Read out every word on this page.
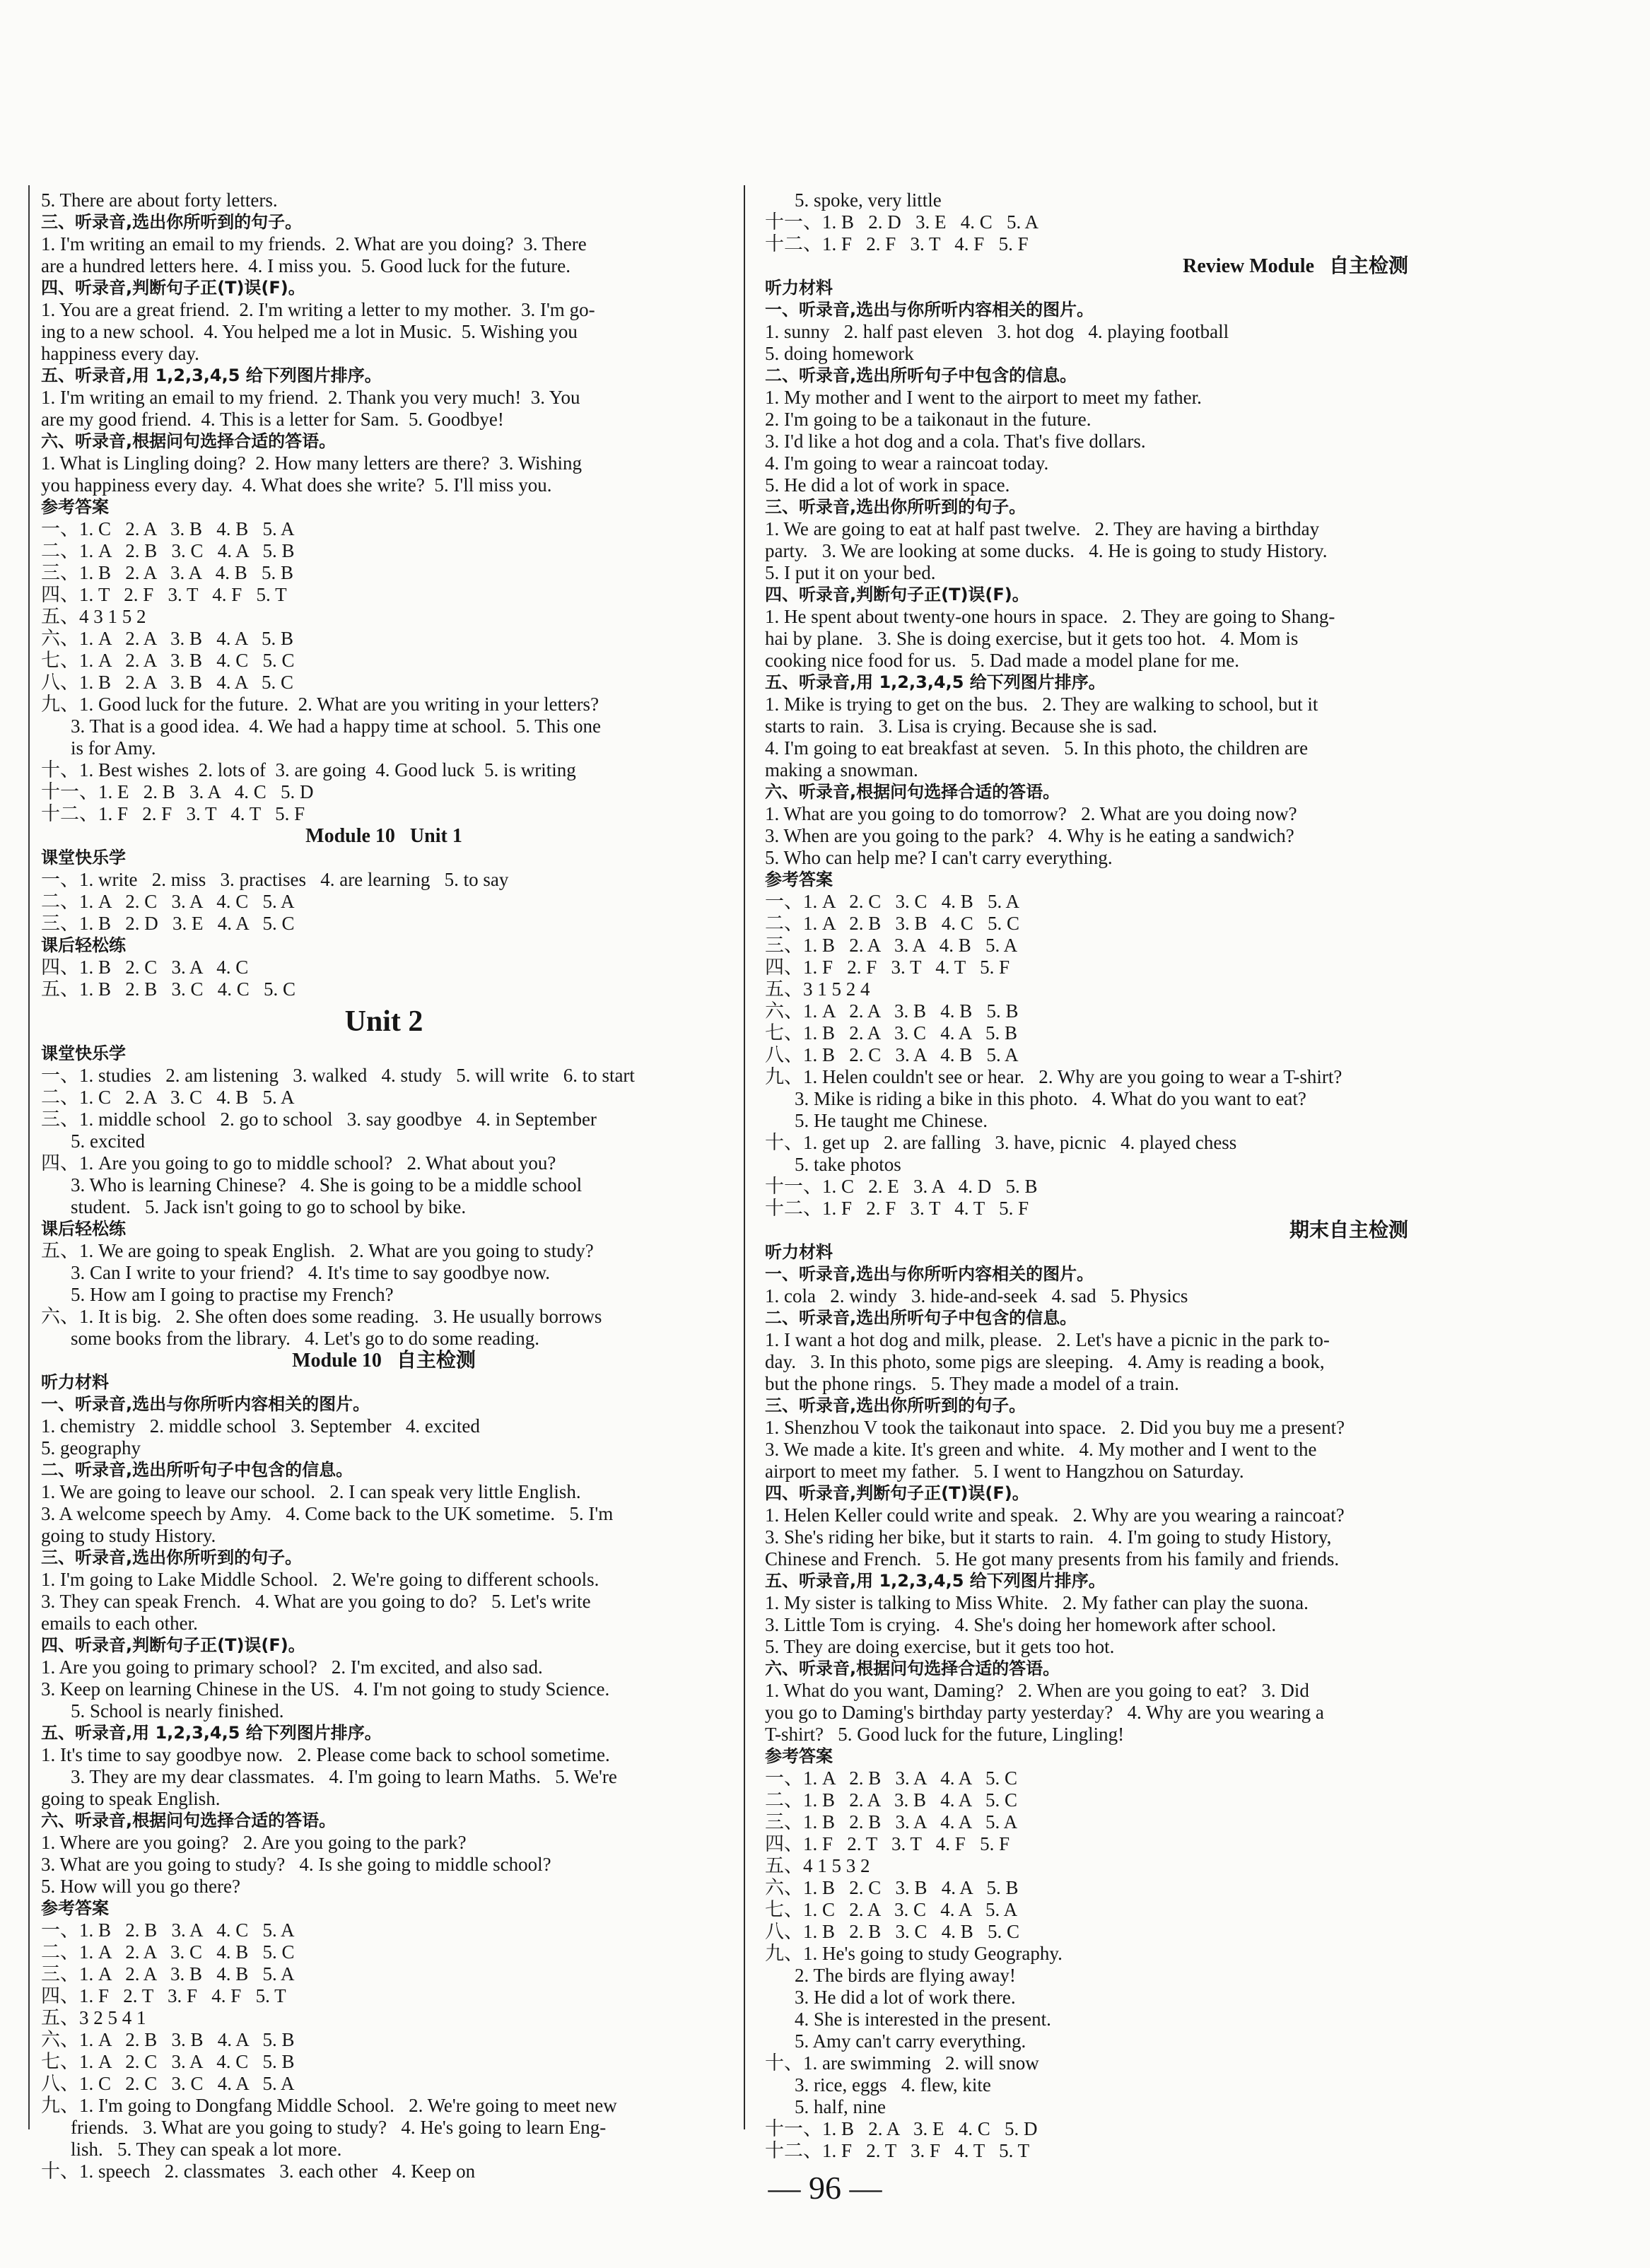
5. There are about forty letters.
三、听录音,选出你所听到的句子。
1. I'm writing an email to my friends.  2. What are you doing?  3. There
are a hundred letters here.  4. I miss you.  5. Good luck for the future.
四、听录音,判断句子正(T)误(F)。
1. You are a great friend.  2. I'm writing a letter to my mother.  3. I'm go-
ing to a new school.  4. You helped me a lot in Music.  5. Wishing you
happiness every day.
五、听录音,用 1,2,3,4,5 给下列图片排序。
1. I'm writing an email to my friend.  2. Thank you very much!  3. You
are my good friend.  4. This is a letter for Sam.  5. Goodbye!
六、听录音,根据问句选择合适的答语。
1. What is Lingling doing?  2. How many letters are there?  3. Wishing
you happiness every day.  4. What does she write?  5. I'll miss you.
参考答案
一、1. C   2. A   3. B   4. B   5. A
二、1. A   2. B   3. C   4. A   5. B
三、1. B   2. A   3. A   4. B   5. B
四、1. T   2. F   3. T   4. F   5. T
五、4 3 1 5 2
六、1. A   2. A   3. B   4. A   5. B
七、1. A   2. A   3. B   4. C   5. C
八、1. B   2. A   3. B   4. A   5. C
九、1. Good luck for the future.  2. What are you writing in your letters?
3. That is a good idea.  4. We had a happy time at school.  5. This one
is for Amy.
十、1. Best wishes  2. lots of  3. are going  4. Good luck  5. is writing
十一、1. E   2. B   3. A   4. C   5. D
十二、1. F   2. F   3. T   4. T   5. F
Module 10   Unit 1
课堂快乐学
一、1. write   2. miss   3. practises   4. are learning   5. to say
二、1. A   2. C   3. A   4. C   5. A
三、1. B   2. D   3. E   4. A   5. C
课后轻松练
四、1. B   2. C   3. A   4. C
五、1. B   2. B   3. C   4. C   5. C
Unit 2
课堂快乐学
一、1. studies   2. am listening   3. walked   4. study   5. will write   6. to start
二、1. C   2. A   3. C   4. B   5. A
三、1. middle school   2. go to school   3. say goodbye   4. in September
5. excited
四、1. Are you going to go to middle school?   2. What about you?
3. Who is learning Chinese?   4. She is going to be a middle school
student.   5. Jack isn't going to go to school by bike.
课后轻松练
五、1. We are going to speak English.   2. What are you going to study?
3. Can I write to your friend?   4. It's time to say goodbye now.
5. How am I going to practise my French?
六、1. It is big.   2. She often does some reading.   3. He usually borrows
some books from the library.   4. Let's go to do some reading.
Module 10   自主检测
听力材料
一、听录音,选出与你所听内容相关的图片。
1. chemistry   2. middle school   3. September   4. excited
5. geography
二、听录音,选出所听句子中包含的信息。
1. We are going to leave our school.   2. I can speak very little English.
3. A welcome speech by Amy.   4. Come back to the UK sometime.   5. I'm
going to study History.
三、听录音,选出你所听到的句子。
1. I'm going to Lake Middle School.   2. We're going to different schools.
3. They can speak French.   4. What are you going to do?   5. Let's write
emails to each other.
四、听录音,判断句子正(T)误(F)。
1. Are you going to primary school?   2. I'm excited, and also sad.
3. Keep on learning Chinese in the US.   4. I'm not going to study Science.
5. School is nearly finished.
五、听录音,用 1,2,3,4,5 给下列图片排序。
1. It's time to say goodbye now.   2. Please come back to school sometime.
3. They are my dear classmates.   4. I'm going to learn Maths.   5. We're
going to speak English.
六、听录音,根据问句选择合适的答语。
1. Where are you going?   2. Are you going to the park?
3. What are you going to study?   4. Is she going to middle school?
5. How will you go there?
参考答案
一、1. B   2. B   3. A   4. C   5. A
二、1. A   2. A   3. C   4. B   5. C
三、1. A   2. A   3. B   4. B   5. A
四、1. F   2. T   3. F   4. F   5. T
五、3 2 5 4 1
六、1. A   2. B   3. B   4. A   5. B
七、1. A   2. C   3. A   4. C   5. B
八、1. C   2. C   3. C   4. A   5. A
九、1. I'm going to Dongfang Middle School.   2. We're going to meet new
friends.   3. What are you going to study?   4. He's going to learn Eng-
lish.   5. They can speak a lot more.
十、1. speech   2. classmates   3. each other   4. Keep on
5. spoke, very little
十一、1. B   2. D   3. E   4. C   5. A
十二、1. F   2. F   3. T   4. F   5. F
Review Module   自主检测
听力材料
一、听录音,选出与你所听内容相关的图片。
1. sunny   2. half past eleven   3. hot dog   4. playing football
5. doing homework
二、听录音,选出所听句子中包含的信息。
1. My mother and I went to the airport to meet my father.
2. I'm going to be a taikonaut in the future.
3. I'd like a hot dog and a cola. That's five dollars.
4. I'm going to wear a raincoat today.
5. He did a lot of work in space.
三、听录音,选出你所听到的句子。
1. We are going to eat at half past twelve.   2. They are having a birthday
party.   3. We are looking at some ducks.   4. He is going to study History.
5. I put it on your bed.
四、听录音,判断句子正(T)误(F)。
1. He spent about twenty-one hours in space.   2. They are going to Shang-
hai by plane.   3. She is doing exercise, but it gets too hot.   4. Mom is
cooking nice food for us.   5. Dad made a model plane for me.
五、听录音,用 1,2,3,4,5 给下列图片排序。
1. Mike is trying to get on the bus.   2. They are walking to school, but it
starts to rain.   3. Lisa is crying. Because she is sad.
4. I'm going to eat breakfast at seven.   5. In this photo, the children are
making a snowman.
六、听录音,根据问句选择合适的答语。
1. What are you going to do tomorrow?   2. What are you doing now?
3. When are you going to the park?   4. Why is he eating a sandwich?
5. Who can help me? I can't carry everything.
参考答案
一、1. A   2. C   3. C   4. B   5. A
二、1. A   2. B   3. B   4. C   5. C
三、1. B   2. A   3. A   4. B   5. A
四、1. F   2. F   3. T   4. T   5. F
五、3 1 5 2 4
六、1. A   2. A   3. B   4. B   5. B
七、1. B   2. A   3. C   4. A   5. B
八、1. B   2. C   3. A   4. B   5. A
九、1. Helen couldn't see or hear.   2. Why are you going to wear a T-shirt?
3. Mike is riding a bike in this photo.   4. What do you want to eat?
5. He taught me Chinese.
十、1. get up   2. are falling   3. have, picnic   4. played chess
5. take photos
十一、1. C   2. E   3. A   4. D   5. B
十二、1. F   2. F   3. T   4. T   5. F
期末自主检测
听力材料
一、听录音,选出与你所听内容相关的图片。
1. cola   2. windy   3. hide-and-seek   4. sad   5. Physics
二、听录音,选出所听句子中包含的信息。
1. I want a hot dog and milk, please.   2. Let's have a picnic in the park to-
day.   3. In this photo, some pigs are sleeping.   4. Amy is reading a book,
but the phone rings.   5. They made a model of a train.
三、听录音,选出你所听到的句子。
1. Shenzhou V took the taikonaut into space.   2. Did you buy me a present?
3. We made a kite. It's green and white.   4. My mother and I went to the
airport to meet my father.   5. I went to Hangzhou on Saturday.
四、听录音,判断句子正(T)误(F)。
1. Helen Keller could write and speak.   2. Why are you wearing a raincoat?
3. She's riding her bike, but it starts to rain.   4. I'm going to study History,
Chinese and French.   5. He got many presents from his family and friends.
五、听录音,用 1,2,3,4,5 给下列图片排序。
1. My sister is talking to Miss White.   2. My father can play the suona.
3. Little Tom is crying.   4. She's doing her homework after school.
5. They are doing exercise, but it gets too hot.
六、听录音,根据问句选择合适的答语。
1. What do you want, Daming?   2. When are you going to eat?   3. Did
you go to Daming's birthday party yesterday?   4. Why are you wearing a
T-shirt?   5. Good luck for the future, Lingling!
参考答案
一、1. A   2. B   3. A   4. A   5. C
二、1. B   2. A   3. B   4. A   5. C
三、1. B   2. B   3. A   4. A   5. A
四、1. F   2. T   3. T   4. F   5. F
五、4 1 5 3 2
六、1. B   2. C   3. B   4. A   5. B
七、1. C   2. A   3. C   4. A   5. A
八、1. B   2. B   3. C   4. B   5. C
九、1. He's going to study Geography.
2. The birds are flying away!
3. He did a lot of work there.
4. She is interested in the present.
5. Amy can't carry everything.
十、1. are swimming   2. will snow
3. rice, eggs   4. flew, kite
5. half, nine
十一、1. B   2. A   3. E   4. C   5. D
十二、1. F   2. T   3. F   4. T   5. T
— 96 —
